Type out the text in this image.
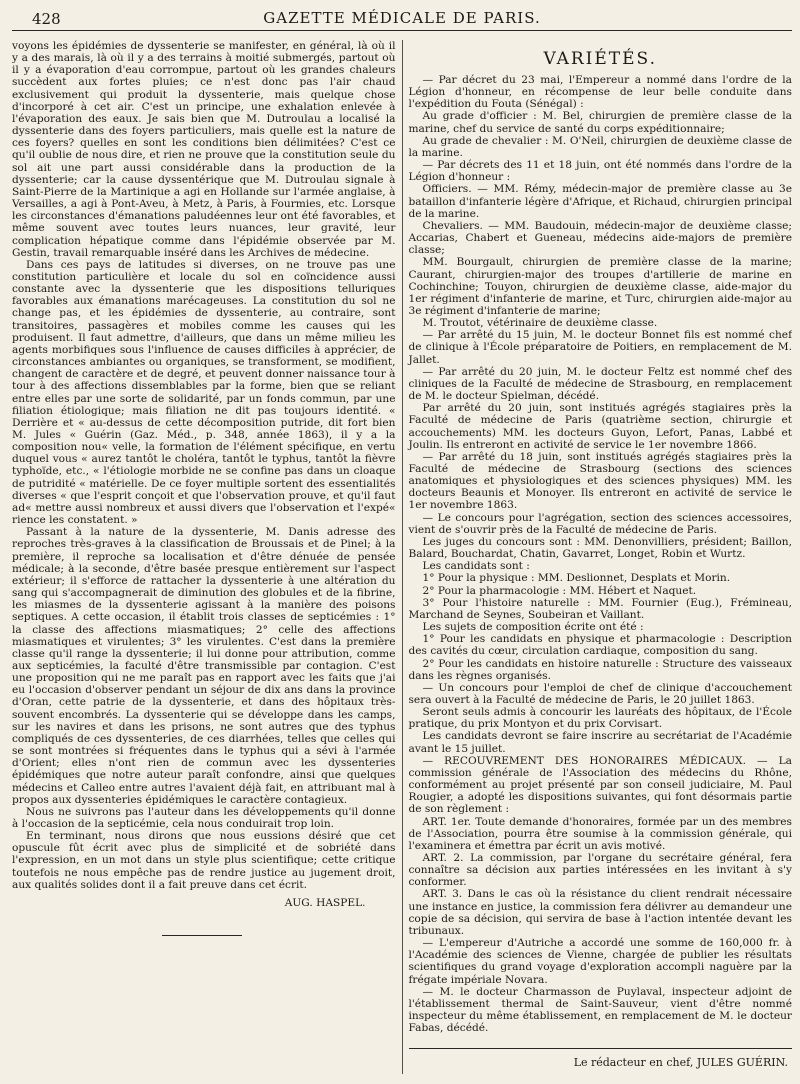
428	GAZETTE MÉDICALE DE PARIS.

voyons les épidémies de dyssenterie se manifester, en général, là où il y a des marais, là où il y a des terrains à moitié submergés, partout où il y a évaporation d'eau corrompue, partout où les grandes chaleurs succèdent aux fortes pluies; ce n'est donc pas l'air chaud exclusivement qui produit la dyssenterie, mais quelque chose d'incorporé à cet air. C'est un principe, une exhalation enlevée à l'évaporation des eaux. Je sais bien que M. Dutroulau a localisé la dyssenterie dans des foyers particuliers, mais quelle est la nature de ces foyers? quelles en sont les conditions bien délimitées? C'est ce qu'il oublie de nous dire, et rien ne prouve que la constitution seule du sol ait une part aussi considérable dans la production de la dyssenterie; car la cause dyssentérique que M. Dutroulau signale à Saint-Pierre de la Martinique a agi en Hollande sur l'armée anglaise, à Versailles, a agi à Pont-Aveu, à Metz, à Paris, à Fourmies, etc. Lorsque les circonstances d'émanations paludéennes leur ont été favorables, et même souvent avec toutes leurs nuances, leur gravité, leur complication hépatique comme dans l'épidémie observée par M. Gestin, travail remarquable inséré dans les Archives de médecine.

Dans ces pays de latitudes si diverses, on ne trouve pas une constitution particulière et locale du sol en coïncidence aussi constante avec la dyssenterie que les dispositions telluriques favorables aux émanations marécageuses. La constitution du sol ne change pas, et les épidémies de dyssenterie, au contraire, sont transitoires, passagères et mobiles comme les causes qui les produisent. Il faut admettre, d'ailleurs, que dans un même milieu les agents morbifiques sous l'influence de causes difficiles à apprécier, de circonstances ambiantes ou organiques, se transforment, se modifient, changent de caractère et de degré, et peuvent donner naissance tour à tour à des affections dissemblables par la forme, bien que se reliant entre elles par une sorte de solidarité, par un fonds commun, par une filiation étiologique; mais filiation ne dit pas toujours identité. « Derrière et « au-dessus de cette décomposition putride, dit fort bien M. Jules « Guérin (Gaz. Méd., p. 348, année 1863), il y a la composition nou« velle, la formation de l'élément spécifique, en vertu duquel vous « aurez tantôt le choléra, tantôt le typhus, tantôt la fièvre typhoïde, etc., « l'étiologie morbide ne se confine pas dans un cloaque de putridité « matérielle. De ce foyer multiple sortent des essentialités diverses « que l'esprit conçoit et que l'observation prouve, et qu'il faut ad« mettre aussi nombreux et aussi divers que l'observation et l'expé« rience les constatent. »

Passant à la nature de la dyssenterie, M. Danis adresse des reproches très-graves à la classification de Broussais et de Pinel; à la première, il reproche sa localisation et d'être dénuée de pensée médicale; à la seconde, d'être basée presque entièrement sur l'aspect extérieur; il s'efforce de rattacher la dyssenterie à une altération du sang qui s'accompagnerait de diminution des globules et de la fibrine, les miasmes de la dyssenterie agissant à la manière des poisons septiques. A cette occasion, il établit trois classes de septicémies : 1° la classe des affections miasmatiques; 2° celle des affections miasmatiques et virulentes; 3° les virulentes. C'est dans la première classe qu'il range la dyssenterie; il lui donne pour attribution, comme aux septicémies, la faculté d'être transmissible par contagion. C'est une proposition qui ne me paraît pas en rapport avec les faits que j'ai eu l'occasion d'observer pendant un séjour de dix ans dans la province d'Oran, cette patrie de la dyssenterie, et dans des hôpitaux très-souvent encombrés. La dyssenterie qui se développe dans les camps, sur les navires et dans les prisons, ne sont autres que des typhus compliqués de ces dyssenteries, de ces diarrhées, telles que celles qui se sont montrées si fréquentes dans le typhus qui a sévi à l'armée d'Orient; elles n'ont rien de commun avec les dyssenteries épidémiques que notre auteur paraît confondre, ainsi que quelques médecins et Calleo entre autres l'avaient déjà fait, en attribuant mal à propos aux dyssenteries épidémiques le caractère contagieux.

Nous ne suivrons pas l'auteur dans les développements qu'il donne à l'occasion de la septicémie, cela nous conduirait trop loin.

En terminant, nous dirons que nous eussions désiré que cet opuscule fût écrit avec plus de simplicité et de sobriété dans l'expression, en un mot dans un style plus scientifique; cette critique toutefois ne nous empêche pas de rendre justice au jugement droit, aux qualités solides dont il a fait preuve dans cet écrit.

AUG. HASPEL.
VARIÉTÉS.

— Par décret du 23 mai, l'Empereur a nommé dans l'ordre de la Légion d'honneur, en récompense de leur belle conduite dans l'expédition du Fouta (Sénégal) :

Au grade d'officier : M. Bel, chirurgien de première classe de la marine, chef du service de santé du corps expéditionnaire;

Au grade de chevalier : M. O'Neil, chirurgien de deuxième classe de la marine.

— Par décrets des 11 et 18 juin, ont été nommés dans l'ordre de la Légion d'honneur :

Officiers. — MM. Rémy, médecin-major de première classe au 3e bataillon d'infanterie légère d'Afrique, et Richaud, chirurgien principal de la marine.

Chevaliers. — MM. Baudouin, médecin-major de deuxième classe; Accarias, Chabert et Gueneau, médecins aide-majors de première classe;

MM. Bourgault, chirurgien de première classe de la marine; Caurant, chirurgien-major des troupes d'artillerie de marine en Cochinchine; Touyon, chirurgien de deuxième classe, aide-major du 1er régiment d'infanterie de marine, et Turc, chirurgien aide-major au 3e régiment d'infanterie de marine;

M. Troutot, vétérinaire de deuxième classe.

— Par arrêté du 15 juin, M. le docteur Bonnet fils est nommé chef de clinique à l'École préparatoire de Poitiers, en remplacement de M. Jallet.

— Par arrêté du 20 juin, M. le docteur Feltz est nommé chef des cliniques de la Faculté de médecine de Strasbourg, en remplacement de M. le docteur Spielman, décédé.

Par arrêté du 20 juin, sont institués agrégés stagiaires près la Faculté de médecine de Paris (quatrième section, chirurgie et accouchements) MM. les docteurs Guyon, Lefort, Panas, Labbé et Joulin. Ils entreront en activité de service le 1er novembre 1866.

— Par arrêté du 18 juin, sont institués agrégés stagiaires près la Faculté de médecine de Strasbourg (sections des sciences anatomiques et physiologiques et des sciences physiques) MM. les docteurs Beaunis et Monoyer. Ils entreront en activité de service le 1er novembre 1863.

— Le concours pour l'agrégation, section des sciences accessoires, vient de s'ouvrir près de la Faculté de médecine de Paris.

Les juges du concours sont : MM. Denonvilliers, président; Baillon, Balard, Bouchardat, Chatin, Gavarret, Longet, Robin et Wurtz.

Les candidats sont :

1° Pour la physique : MM. Deslionnet, Desplats et Morin.

2° Pour la pharmacologie : MM. Hébert et Naquet.

3° Pour l'histoire naturelle : MM. Fournier (Eug.), Frémineau, Marchand de Seynes, Soubeiran et Vaillant.

Les sujets de composition écrite ont été :

1° Pour les candidats en physique et pharmacologie : Description des cavités du cœur, circulation cardiaque, composition du sang.

2° Pour les candidats en histoire naturelle : Structure des vaisseaux dans les règnes organisés.

— Un concours pour l'emploi de chef de clinique d'accouchement sera ouvert à la Faculté de médecine de Paris, le 20 juillet 1863.

Seront seuls admis à concourir les lauréats des hôpitaux, de l'École pratique, du prix Montyon et du prix Corvisart.

Les candidats devront se faire inscrire au secrétariat de l'Académie avant le 15 juillet.

— RECOUVREMENT DES HONORAIRES MÉDICAUX. — La commission générale de l'Association des médecins du Rhône, conformément au projet présenté par son conseil judiciaire, M. Paul Rougier, a adopté les dispositions suivantes, qui font désormais partie de son règlement :

ART. 1er. Toute demande d'honoraires, formée par un des membres de l'Association, pourra être soumise à la commission générale, qui l'examinera et émettra par écrit un avis motivé.

ART. 2. La commission, par l'organe du secrétaire général, fera connaître sa décision aux parties intéressées en les invitant à s'y conformer.

ART. 3. Dans le cas où la résistance du client rendrait nécessaire une instance en justice, la commission fera délivrer au demandeur une copie de sa décision, qui servira de base à l'action intentée devant les tribunaux.

— L'empereur d'Autriche a accordé une somme de 160,000 fr. à l'Académie des sciences de Vienne, chargée de publier les résultats scientifiques du grand voyage d'exploration accompli naguère par la frégate impériale Novara.

— M. le docteur Charmasson de Puylaval, inspecteur adjoint de l'établissement thermal de Saint-Sauveur, vient d'être nommé inspecteur du même établissement, en remplacement de M. le docteur Fabas, décédé.

Le rédacteur en chef, JULES GUÉRIN.
